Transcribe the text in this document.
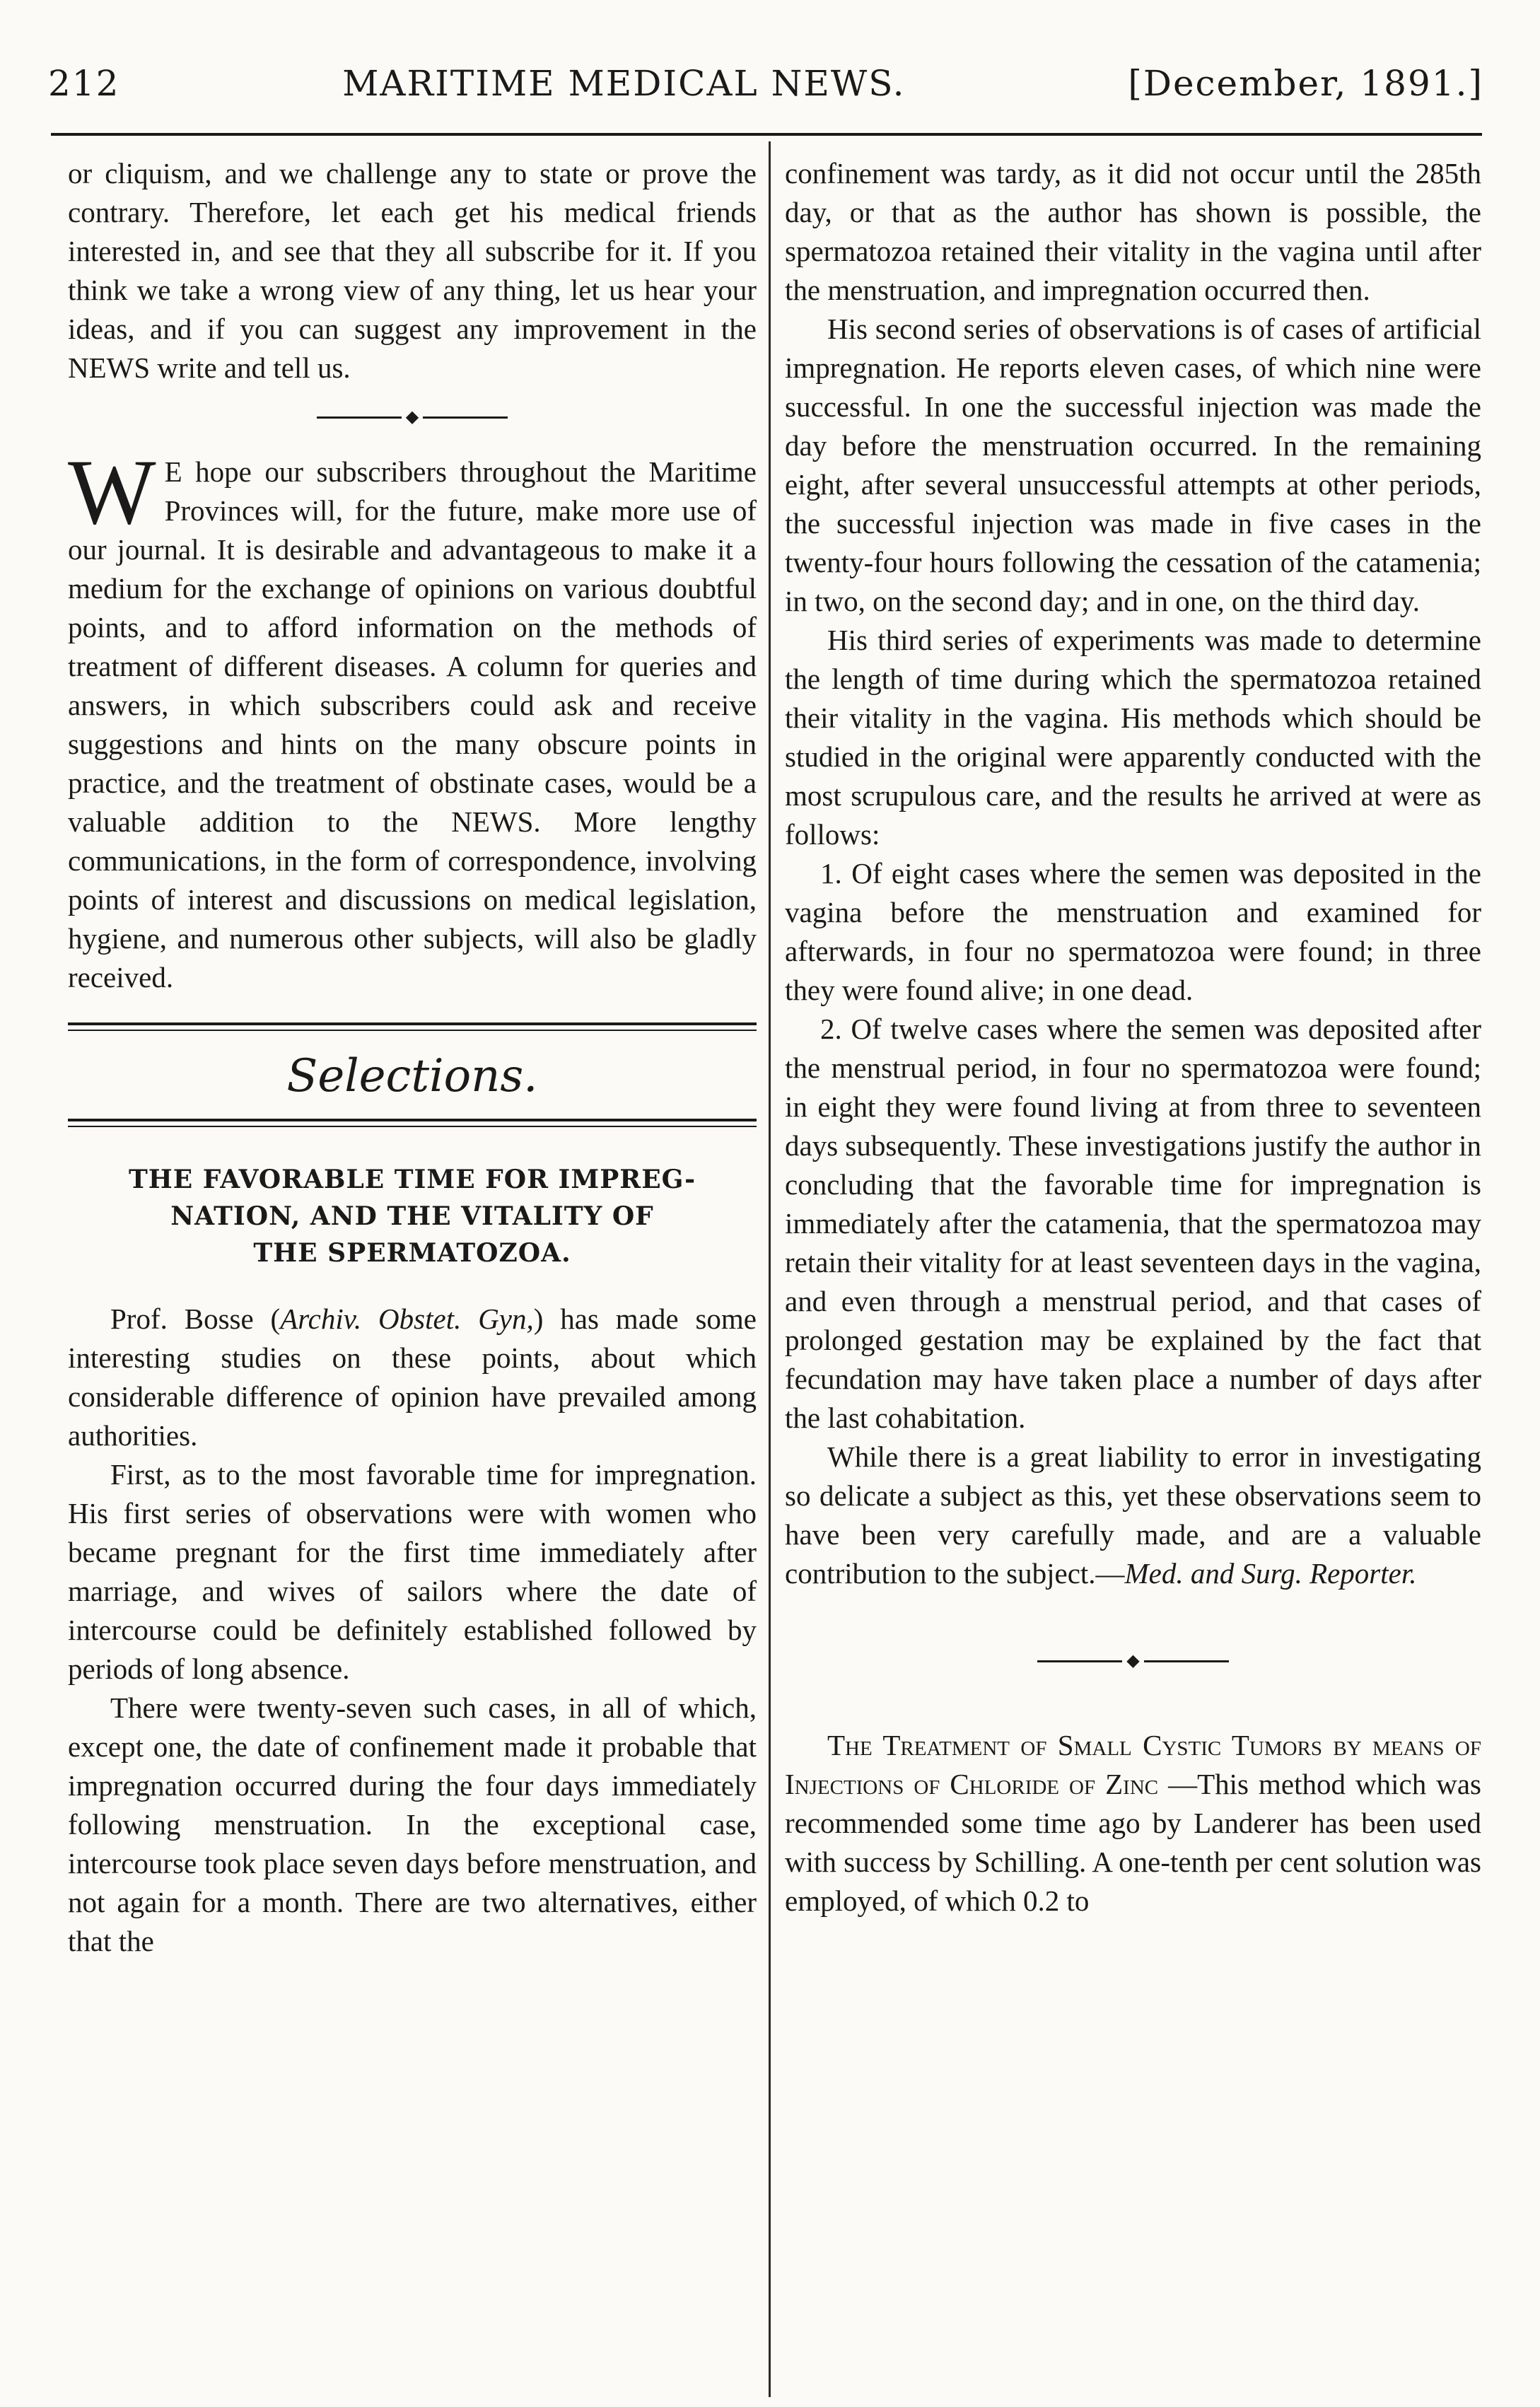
212	MARITIME MEDICAL NEWS.	[December, 1891.]

or cliquism, and we challenge any to state or prove the contrary. Therefore, let each get his medical friends interested in, and see that they all subscribe for it. If you think we take a wrong view of any thing, let us hear your ideas, and if you can suggest any improvement in the NEWS write and tell us.

◆

W E hope our subscribers throughout the Maritime Provinces will, for the future, make more use of our journal. It is desirable and advantageous to make it a medium for the exchange of opinions on various doubtful points, and to afford information on the methods of treatment of different diseases. A column for queries and answers, in which subscribers could ask and receive suggestions and hints on the many obscure points in practice, and the treatment of obstinate cases, would be a valuable addition to the NEWS. More lengthy communications, in the form of correspondence, involving points of interest and discussions on medical legislation, hygiene, and numerous other subjects, will also be gladly received.

Selections.
THE FAVORABLE TIME FOR IMPREG-
NATION, AND THE VITALITY OF
THE SPERMATOZOA.

Prof. Bosse (Archiv. Obstet. Gyn,) has made some interesting studies on these points, about which considerable difference of opinion have prevailed among authorities.

First, as to the most favorable time for impregnation. His first series of observations were with women who became pregnant for the first time immediately after marriage, and wives of sailors where the date of intercourse could be definitely established followed by periods of long absence.

There were twenty-seven such cases, in all of which, except one, the date of confinement made it probable that impregnation occurred during the four days immediately following menstruation. In the exceptional case, intercourse took place seven days before menstruation, and not again for a month. There are two alternatives, either that the

confinement was tardy, as it did not occur until the 285th day, or that as the author has shown is possible, the spermatozoa retained their vitality in the vagina until after the menstruation, and impregnation occurred then.

His second series of observations is of cases of artificial impregnation. He reports eleven cases, of which nine were successful. In one the successful injection was made the day before the menstruation occurred. In the remaining eight, after several unsuccessful attempts at other periods, the successful injection was made in five cases in the twenty-four hours following the cessation of the catamenia; in two, on the second day; and in one, on the third day.

His third series of experiments was made to determine the length of time during which the spermatozoa retained their vitality in the vagina. His methods which should be studied in the original were apparently conducted with the most scrupulous care, and the results he arrived at were as follows:

1. Of eight cases where the semen was deposited in the vagina before the menstruation and examined for afterwards, in four no spermatozoa were found; in three they were found alive; in one dead.

2. Of twelve cases where the semen was deposited after the menstrual period, in four no spermatozoa were found; in eight they were found living at from three to seventeen days subsequently. These investigations justify the author in concluding that the favorable time for impregnation is immediately after the catamenia, that the spermatozoa may retain their vitality for at least seventeen days in the vagina, and even through a menstrual period, and that cases of prolonged gestation may be explained by the fact that fecundation may have taken place a number of days after the last cohabitation.

While there is a great liability to error in investigating so delicate a subject as this, yet these observations seem to have been very carefully made, and are a valuable contribution to the subject.—Med. and Surg. Reporter.

◆

The Treatment of Small Cystic Tumors by means of Injections of Chloride of Zinc —This method which was recommended some time ago by Landerer has been used with success by Schilling. A one-tenth per cent solution was employed, of which 0.2 to
